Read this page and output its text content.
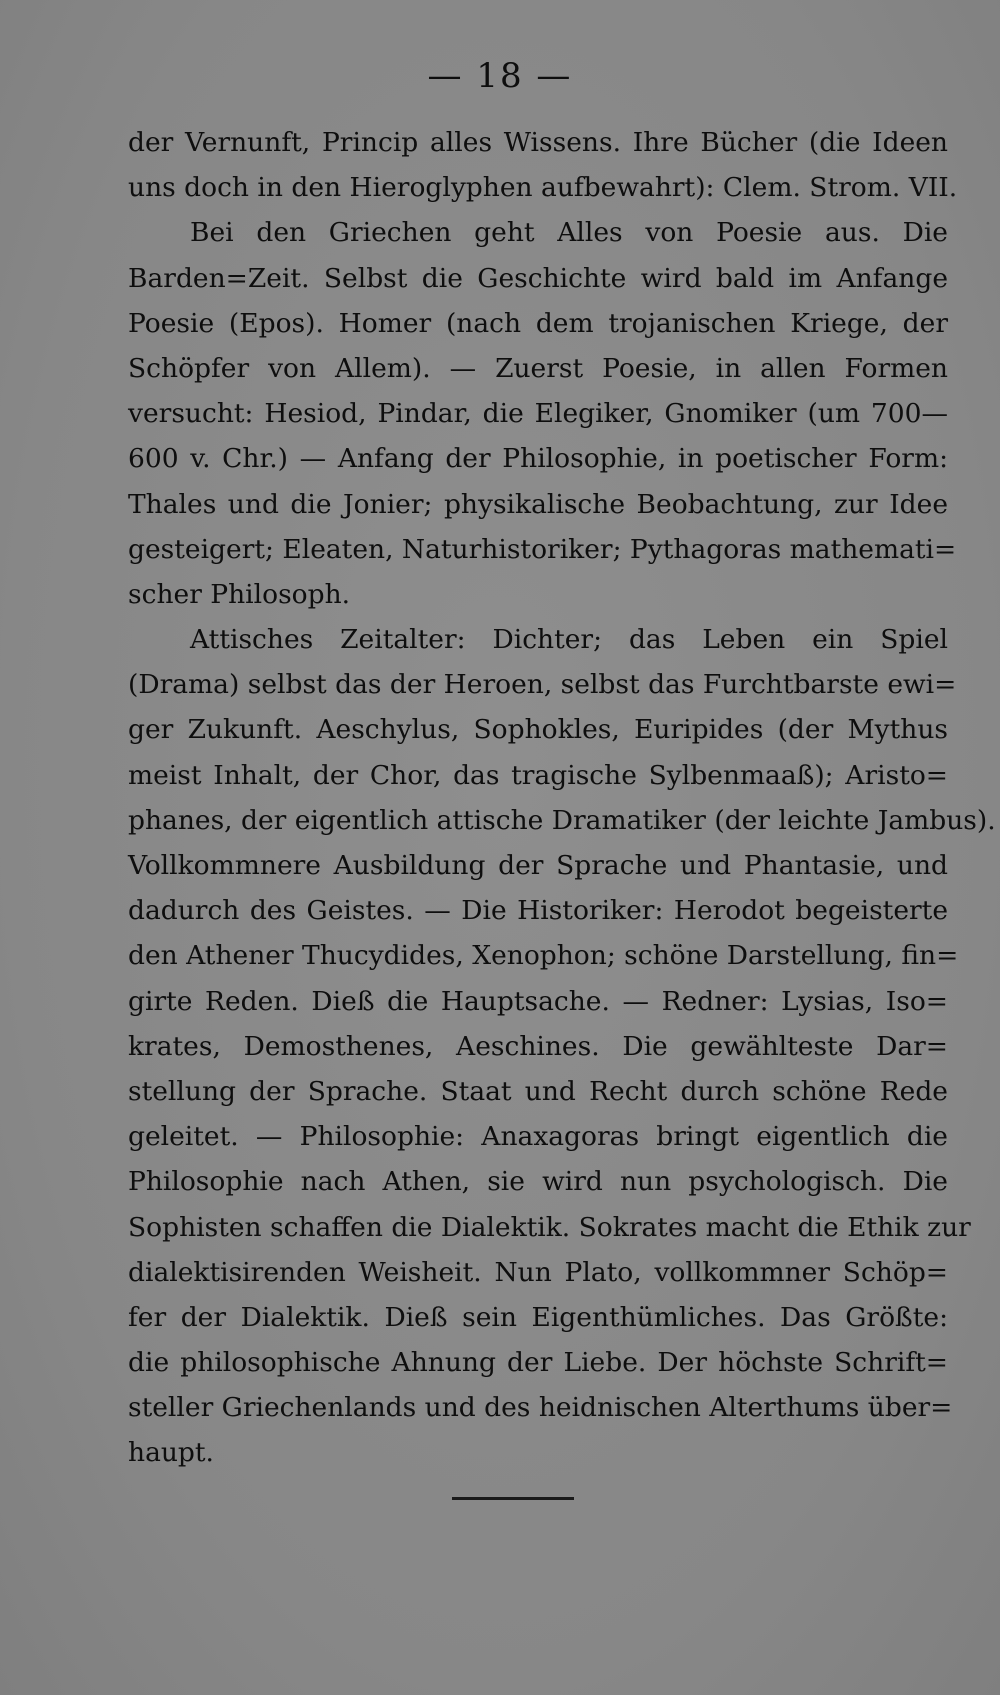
— 18 —
der Vernunft, Princip alles Wissens. Ihre Bücher (die Ideen
uns doch in den Hieroglyphen aufbewahrt): Clem. Strom. VII.
Bei den Griechen geht Alles von Poesie aus. Die
Barden=Zeit. Selbst die Geschichte wird bald im Anfange
Poesie (Epos). Homer (nach dem trojanischen Kriege, der
Schöpfer von Allem). — Zuerst Poesie, in allen Formen
versucht: Hesiod, Pindar, die Elegiker, Gnomiker (um 700—
600 v. Chr.) — Anfang der Philosophie, in poetischer Form:
Thales und die Jonier; physikalische Beobachtung, zur Idee
gesteigert; Eleaten, Naturhistoriker; Pythagoras mathemati=
scher Philosoph.
Attisches Zeitalter: Dichter; das Leben ein Spiel
(Drama) selbst das der Heroen, selbst das Furchtbarste ewi=
ger Zukunft. Aeschylus, Sophokles, Euripides (der Mythus
meist Inhalt, der Chor, das tragische Sylbenmaaß); Aristo=
phanes, der eigentlich attische Dramatiker (der leichte Jambus).
Vollkommnere Ausbildung der Sprache und Phantasie, und
dadurch des Geistes. — Die Historiker: Herodot begeisterte
den Athener Thucydides, Xenophon; schöne Darstellung, fin=
girte Reden. Dieß die Hauptsache. — Redner: Lysias, Iso=
krates, Demosthenes, Aeschines. Die gewählteste Dar=
stellung der Sprache. Staat und Recht durch schöne Rede
geleitet. — Philosophie: Anaxagoras bringt eigentlich die
Philosophie nach Athen, sie wird nun psychologisch. Die
Sophisten schaffen die Dialektik. Sokrates macht die Ethik zur
dialektisirenden Weisheit. Nun Plato, vollkommner Schöp=
fer der Dialektik. Dieß sein Eigenthümliches. Das Größte:
die philosophische Ahnung der Liebe. Der höchste Schrift=
steller Griechenlands und des heidnischen Alterthums über=
haupt.
